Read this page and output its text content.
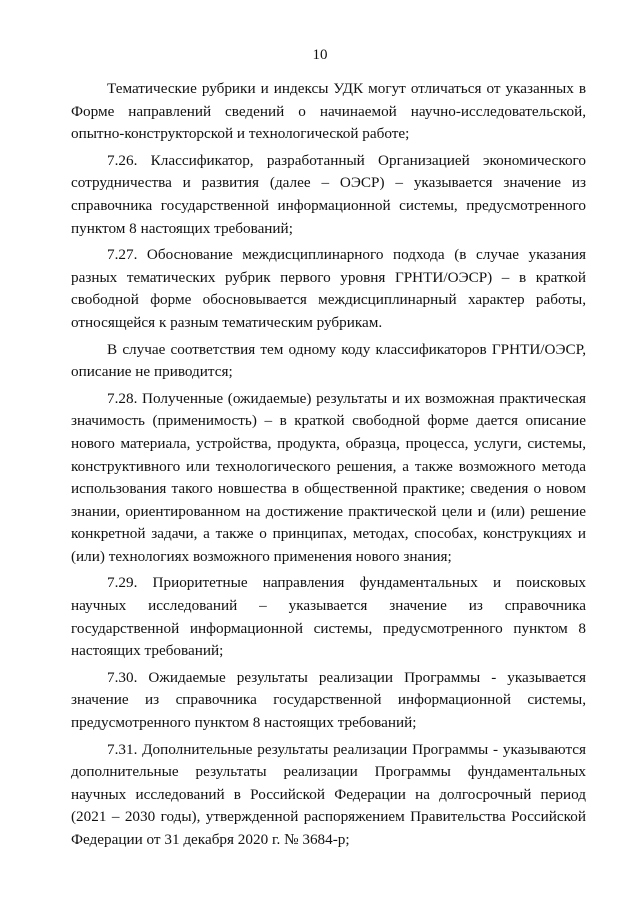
10

Тематические рубрики и индексы УДК могут отличаться от указанных в Форме направлений сведений о начинаемой научно-исследовательской, опытно-конструкторской и технологической работе;

7.26. Классификатор, разработанный Организацией экономического сотрудничества и развития (далее – ОЭСР) – указывается значение из справочника государственной информационной системы, предусмотренного пунктом 8 настоящих требований;

7.27. Обоснование междисциплинарного подхода (в случае указания разных тематических рубрик первого уровня ГРНТИ/ОЭСР) – в краткой свободной форме обосновывается междисциплинарный характер работы, относящейся к разным тематическим рубрикам.

В случае соответствия тем одному коду классификаторов ГРНТИ/ОЭСР, описание не приводится;

7.28. Полученные (ожидаемые) результаты и их возможная практическая значимость (применимость) – в краткой свободной форме дается описание нового материала, устройства, продукта, образца, процесса, услуги, системы, конструктивного или технологического решения, а также возможного метода использования такого новшества в общественной практике; сведения о новом знании, ориентированном на достижение практической цели и (или) решение конкретной задачи, а также о принципах, методах, способах, конструкциях и (или) технологиях возможного применения нового знания;

7.29. Приоритетные направления фундаментальных и поисковых научных исследований – указывается значение из справочника государственной информационной системы, предусмотренного пунктом 8 настоящих требований;

7.30. Ожидаемые результаты реализации Программы - указывается значение из справочника государственной информационной системы, предусмотренного пунктом 8 настоящих требований;

7.31. Дополнительные результаты реализации Программы - указываются дополнительные результаты реализации Программы фундаментальных научных исследований в Российской Федерации на долгосрочный период (2021 – 2030 годы), утвержденной распоряжением Правительства Российской Федерации от 31 декабря 2020 г. № 3684-р;
